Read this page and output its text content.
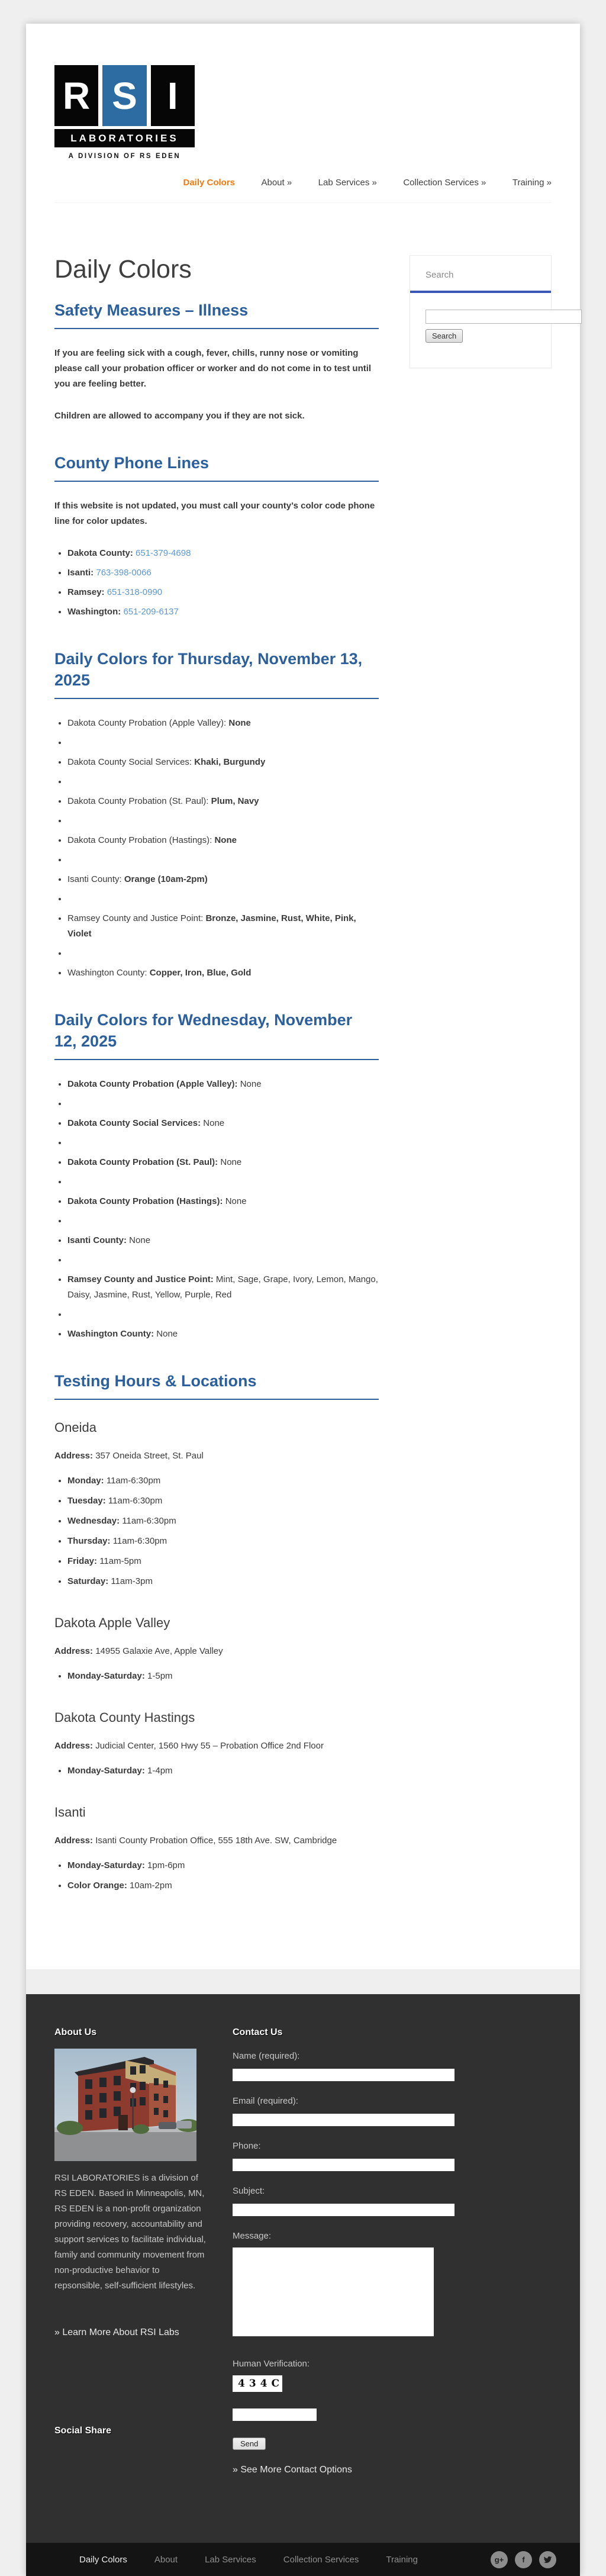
R S I
LABORATORIES
A DIVISION OF RS EDEN
Daily Colors	About »	Lab Services »	Collection Services »	Training »
Daily Colors
Safety Measures – Illness

If you are feeling sick with a cough, fever, chills, runny nose or vomiting please call your probation officer or worker and do not come in to test until you are feeling better.

Children are allowed to accompany you if they are not sick.

County Phone Lines

If this website is not updated, you must call your county’s color code phone line for color updates.

• Dakota County: 651-379-4698
• Isanti: 763-398-0066
• Ramsey: 651-318-0990
• Washington: 651-209-6137
Daily Colors for Thursday, November 13, 2025
• Dakota County Probation (Apple Valley): None
•
• Dakota County Social Services: Khaki, Burgundy
•
• Dakota County Probation (St. Paul): Plum, Navy
•
• Dakota County Probation (Hastings): None
•
• Isanti County: Orange (10am-2pm)
•
• Ramsey County and Justice Point: Bronze, Jasmine, Rust, White, Pink, Violet
•
• Washington County: Copper, Iron, Blue, Gold
Daily Colors for Wednesday, November 12, 2025
• Dakota County Probation (Apple Valley): None
•
• Dakota County Social Services: None
•
• Dakota County Probation (St. Paul): None
•
• Dakota County Probation (Hastings): None
•
• Isanti County: None
•
• Ramsey County and Justice Point: Mint, Sage, Grape, Ivory, Lemon, Mango, Daisy, Jasmine, Rust, Yellow, Purple, Red
•
• Washington County: None
Testing Hours & Locations
Oneida

Address: 357 Oneida Street, St. Paul

• Monday: 11am-6:30pm
• Tuesday: 11am-6:30pm
• Wednesday: 11am-6:30pm
• Thursday: 11am-6:30pm
• Friday: 11am-5pm
• Saturday: 11am-3pm
Dakota Apple Valley

Address: 14955 Galaxie Ave, Apple Valley

• Monday-Saturday: 1-5pm
Dakota County Hastings

Address: Judicial Center, 1560 Hwy 55 – Probation Office 2nd Floor

• Monday-Saturday: 1-4pm
Isanti

Address: Isanti County Probation Office, 555 18th Ave. SW, Cambridge

• Monday-Saturday: 1pm-6pm
• Color Orange: 10am-2pm
Search

Search
About Us

RSI LABORATORIES is a division of RS EDEN. Based in Minneapolis, MN, RS EDEN is a non-profit organization providing recovery, accountability and support services to facilitate individual, family and community movement from non-productive behavior to repsonsible, self-sufficient lifestyles.

» Learn More About RSI Labs
Social Share
Contact Us
Name (required):
Email (required):
Phone:
Subject:
Message:
Human Verification:
434C
Send
» See More Contact Options
Daily Colors	About	Lab Services	Collection Services	Training	g+	f
